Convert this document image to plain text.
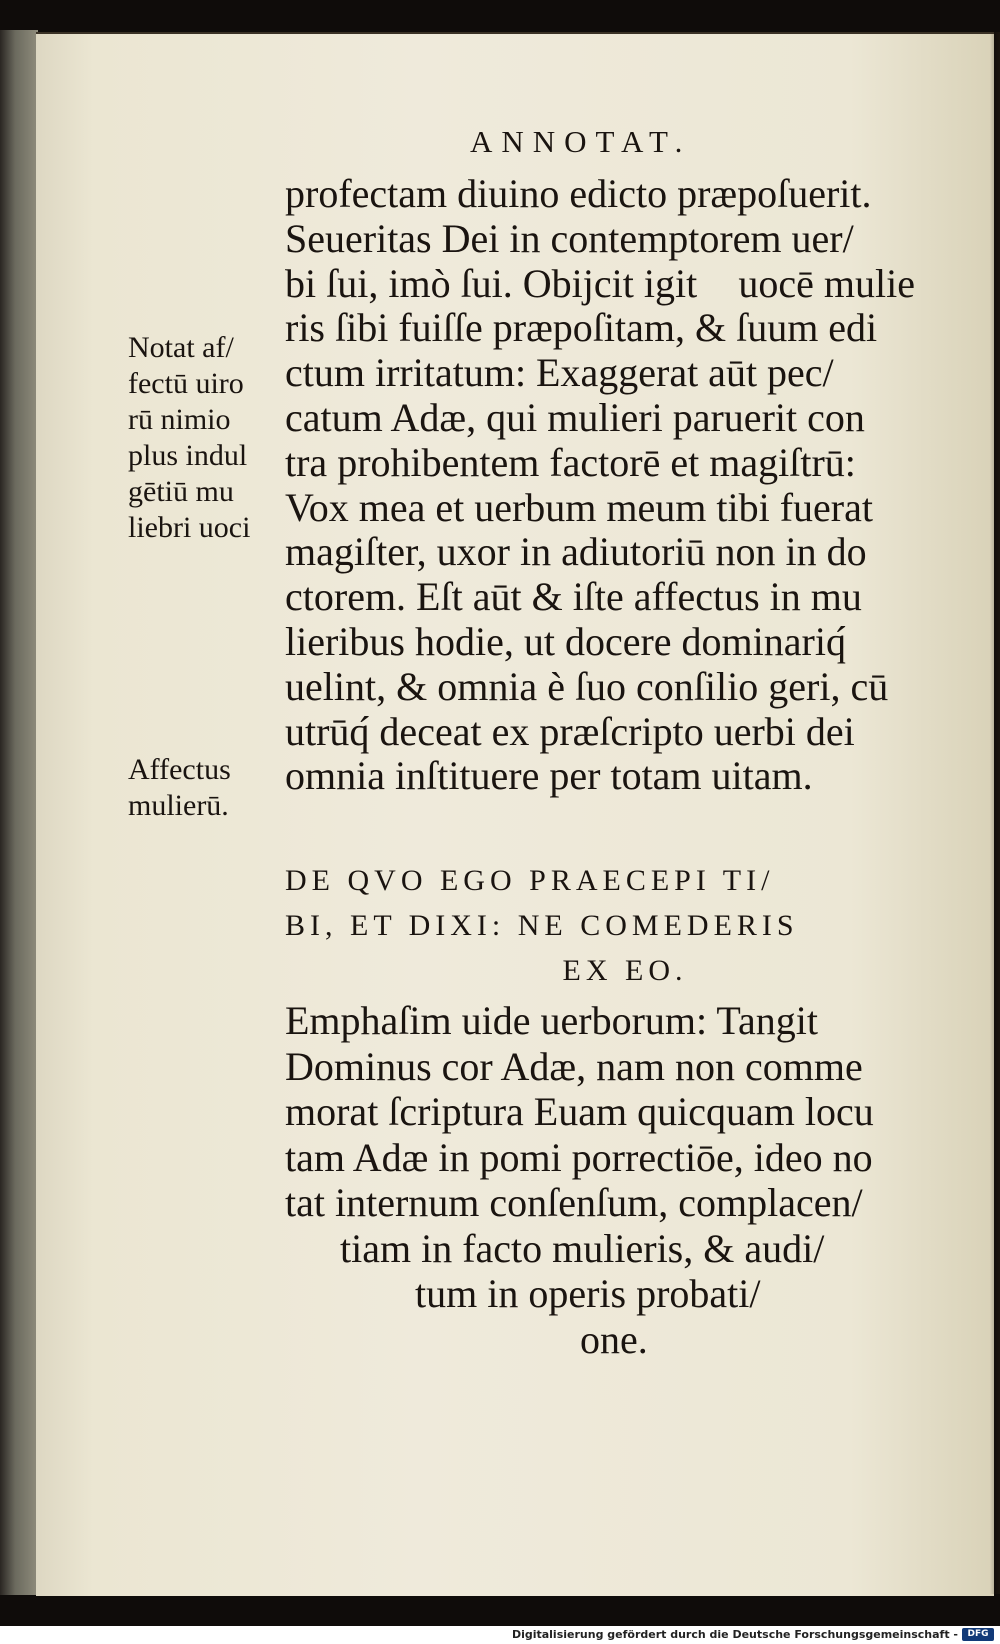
ANNOTAT.
profectam diuino edicto præpoſuerit.
Seueritas Dei in contemptorem uer/
bi ſui, imò ſui. Obijcit igitᷣ uocē mulie
ris ſibi fuiſſe præpoſitam, & ſuum edi
ctum irritatum: Exaggerat aūt pec/
catum Adæ, qui mulieri paruerit con
tra prohibentem factorē et magiſtrū:
Vox mea et uerbum meum tibi fuerat
magiſter, uxor in adiutoriū non in do
ctorem. Eſt aūt & iſte affectus in mu
lieribus hodie, ut docere dominariq́
uelint, & omnia è ſuo conſilio geri, cū
utrūq́ deceat ex præſcripto uerbi dei
omnia inſtituere per totam uitam.
Notat af/
fectū uiro
rū nimio
plus indul
gētiū mu
liebri uoci
Affectus
mulierū.
DE QVO EGO PRAECEPI TI/
BI, ET DIXI: NE COMEDERIS
EX EO.
Emphaſim uide uerborum: Tangit
Dominus cor Adæ, nam non comme
morat ſcriptura Euam quicquam locu
tam Adæ in pomi porrectiōe, ideo no
tat internum conſenſum, complacen/
tiam in facto mulieris, & audi/
tum in operis probati/
one.
Digitalisierung gefördert durch die Deutsche Forschungsgemeinschaft -	DFG
